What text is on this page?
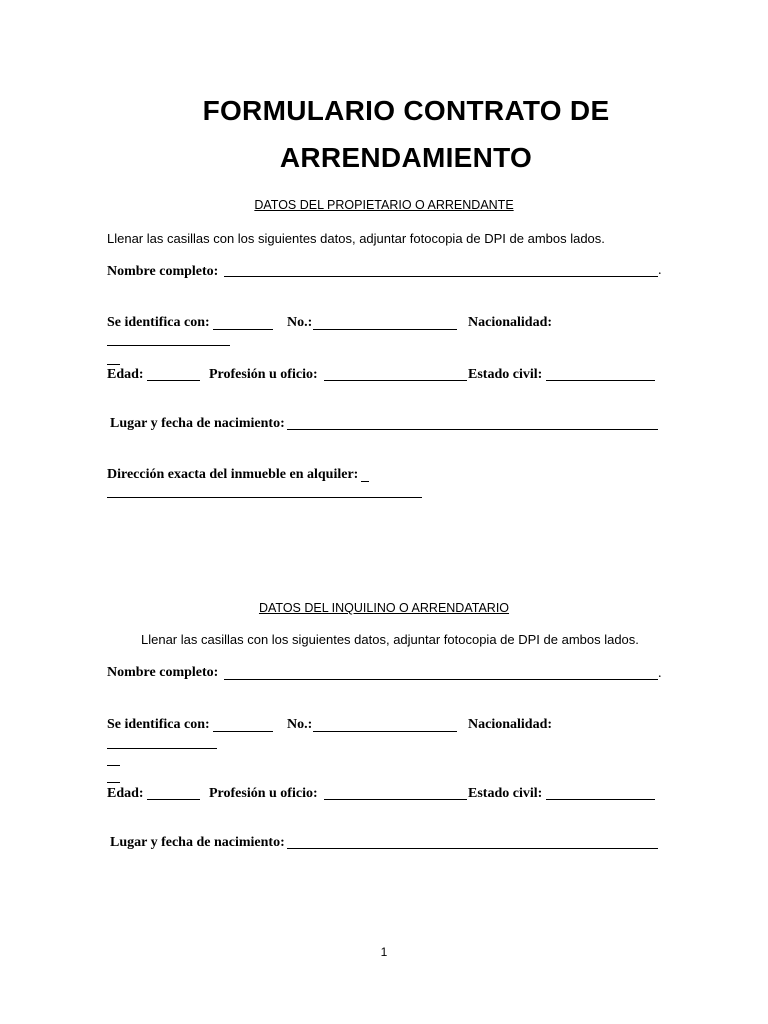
FORMULARIO CONTRATO DE
ARRENDAMIENTO
DATOS DEL PROPIETARIO O ARRENDANTE
Llenar las casillas con los siguientes datos, adjuntar fotocopia de DPI de ambos lados.
Nombre completo:	.
Se identifica con:	No.:	Nacionalidad:
Edad:	Profesión u oficio:	Estado civil:
Lugar y fecha de nacimiento:
Dirección exacta del inmueble en alquiler:
DATOS DEL INQUILINO O ARRENDATARIO
Llenar las casillas con los siguientes datos, adjuntar fotocopia de DPI de ambos lados.
Nombre completo:	.
Se identifica con:	No.:	Nacionalidad:
Edad:	Profesión u oficio:	Estado civil:
Lugar y fecha de nacimiento:
1
